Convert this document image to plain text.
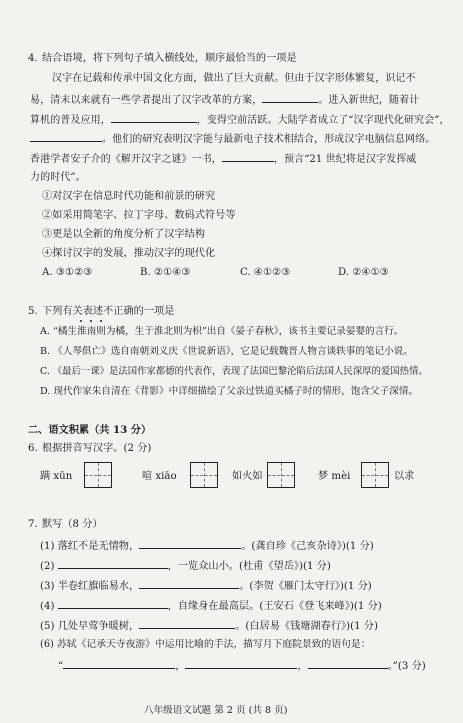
4. 结合语境，将下列句子填入横线处，顺序最恰当的一项是
汉字在记载和传承中国文化方面，做出了巨大贡献。但由于汉字形体繁复，识记不
易，清末以来就有一些学者提出了汉字改革的方案，	。进入新世纪，随着计
算机的普及应用，	，变得空前活跃。大陆学者成立了“汉字现代化研究会”，
。他们的研究表明汉字能与最新电子技术相结合，形成汉字电脑信息网络。
香港学者安子介的《解开汉字之谜》一书，	，预言“21 世纪将是汉字发挥威
力的时代”。
①对汉字在信息时代功能和前景的研究
②如采用简笔字、拉丁字母、数码式符号等
③更是以全新的角度分析了汉字结构
④探讨汉字的发展，推动汉字的现代化
A. ③①②③	B. ②①④③	C. ④①②③	D. ②④①③
5. 下列有关表述不正确的一项是
A. “橘生淮南则为橘，生于淮北则为枳”出自《晏子春秋》，该书主要记录晏婴的言行。
B. 《人琴俱亡》选自南朝刘义庆《世说新语》，它是记载魏晋人物言谈轶事的笔记小说。
C. 《最后一课》是法国作家都德的代表作，表现了法国巴黎沦陷后法国人民深厚的爱国热情。
D. 现代作家朱自清在《背影》中详细描绘了父亲过铁道买橘子时的情形，饱含父子深情。
二、语文积累（共 13 分）
6. 根据拼音写汉字。(2 分)
蹒 xūn	喧 xiāo	如火如	梦 mèi	以求
7. 默写（8 分）
(1) 落红不是无情物，	。(龚自珍《己亥杂诗》)(1 分)
(2)	，一览众山小。(杜甫《望岳》)(1 分)
(3) 半卷红旗临易水，	。(李贺《雁门太守行》)(1 分)
(4)	，自缘身在最高层。(王安石《登飞来峰》)(1 分)
(5) 几处早莺争暖树，	。(白居易《钱塘湖春行》)(1 分)
(6) 苏轼《记承天寺夜游》中运用比喻的手法，描写月下庭院景致的语句是：
“	，	，	。”(3 分)
八年级语文试题 第 2 页 (共 8 页)
